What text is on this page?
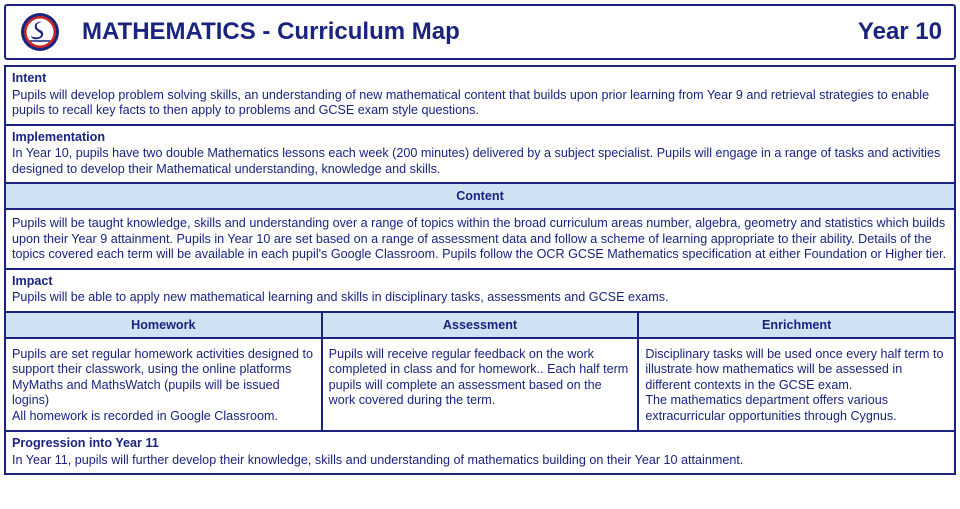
MATHEMATICS - Curriculum Map	Year 10
Intent

Pupils will develop problem solving skills, an understanding of new mathematical content that builds upon prior learning from Year 9 and retrieval strategies to enable pupils to recall key facts to then apply to problems and GCSE exam style questions.

Implementation

In Year 10, pupils have two double Mathematics lessons each week (200 minutes) delivered by a subject specialist. Pupils will engage in a range of tasks and activities designed to develop their Mathematical understanding, knowledge and skills.

Content

Pupils will be taught knowledge, skills and understanding over a range of topics within the broad curriculum areas number, algebra, geometry and statistics which builds upon their Year 9 attainment. Pupils in Year 10 are set based on a range of assessment data and follow a scheme of learning appropriate to their ability. Details of the topics covered each term will be available in each pupil's Google Classroom. Pupils follow the OCR GCSE Mathematics specification at either Foundation or Higher tier.

Impact

Pupils will be able to apply new mathematical learning and skills in disciplinary tasks, assessments and GCSE exams.

Homework

Pupils are set regular homework activities designed to support their classwork, using the online platforms MyMaths and MathsWatch (pupils will be issued logins)
All homework is recorded in Google Classroom.

Assessment

Pupils will receive regular feedback on the work completed in class and for homework.. Each half term pupils will complete an assessment based on the work covered during the term.

Enrichment

Disciplinary tasks will be used once every half term to illustrate how mathematics will be assessed in different contexts in the GCSE exam.
The mathematics department offers various extracurricular opportunities through Cygnus.

Progression into Year 11

In Year 11, pupils will further develop their knowledge, skills and understanding of mathematics building on their Year 10 attainment.
